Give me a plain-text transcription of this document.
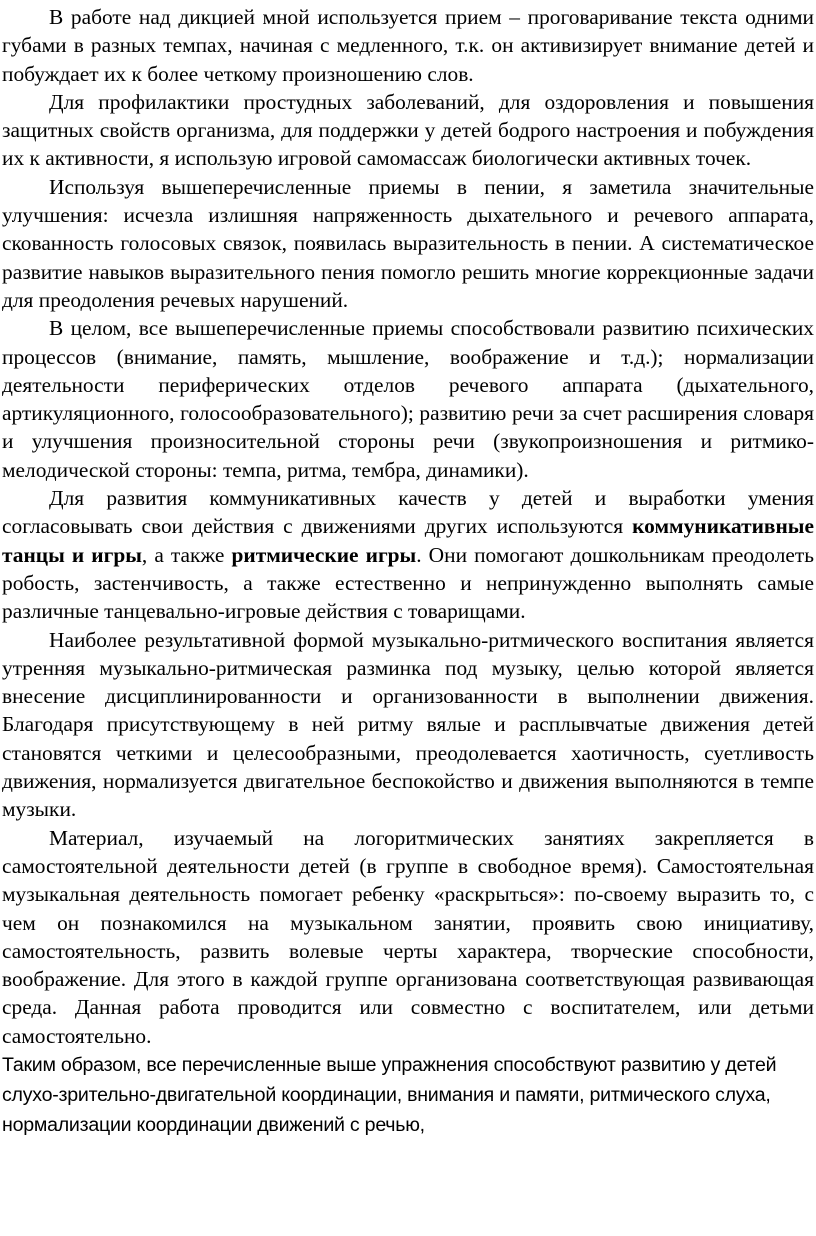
В работе над дикцией мной используется прием – проговаривание текста одними губами в разных темпах, начиная с медленного, т.к. он активизирует внимание детей и побуждает их к более четкому произношению слов.

Для профилактики простудных заболеваний, для оздоровления и повышения защитных свойств организма, для поддержки у детей бодрого настроения и побуждения их к активности, я использую игровой самомассаж биологически активных точек.

Используя вышеперечисленные приемы в пении, я заметила значительные улучшения: исчезла излишняя напряженность дыхательного и речевого аппарата, скованность голосовых связок, появилась выразительность в пении. А систематическое развитие навыков выразительного пения помогло решить многие коррекционные задачи для преодоления речевых нарушений.

В целом, все вышеперечисленные приемы способствовали развитию психических процессов (внимание, память, мышление, воображение и т.д.); нормализации деятельности периферических отделов речевого аппарата (дыхательного, артикуляционного, голосообразовательного); развитию речи за счет расширения словаря и улучшения произносительной стороны речи (звукопроизношения и ритмико-мелодической стороны: темпа, ритма, тембра, динамики).

Для развития коммуникативных качеств у детей и выработки умения согласовывать свои действия с движениями других используются коммуникативные танцы и игры, а также ритмические игры. Они помогают дошкольникам преодолеть робость, застенчивость, а также естественно и непринужденно выполнять самые различные танцевально-игровые действия с товарищами.

Наиболее результативной формой музыкально-ритмического воспитания является утренняя музыкально-ритмическая разминка под музыку, целью которой является внесение дисциплинированности и организованности в выполнении движения. Благодаря присутствующему в ней ритму вялые и расплывчатые движения детей становятся четкими и целесообразными, преодолевается хаотичность, суетливость движения, нормализуется двигательное беспокойство и движения выполняются в темпе музыки.

Материал, изучаемый на логоритмических занятиях закрепляется в самостоятельной деятельности детей (в группе в свободное время). Самостоятельная музыкальная деятельность помогает ребенку «раскрыться»: по-своему выразить то, с чем он познакомился на музыкальном занятии, проявить свою инициативу, самостоятельность, развить волевые черты характера, творческие способности, воображение. Для этого в каждой группе организована соответствующая развивающая среда. Данная работа проводится или совместно с воспитателем, или детьми самостоятельно.

Таким образом, все перечисленные выше упражнения способствуют развитию у детей слухо-зрительно-двигательной координации, внимания и памяти, ритмического слуха, нормализации координации движений с речью,
